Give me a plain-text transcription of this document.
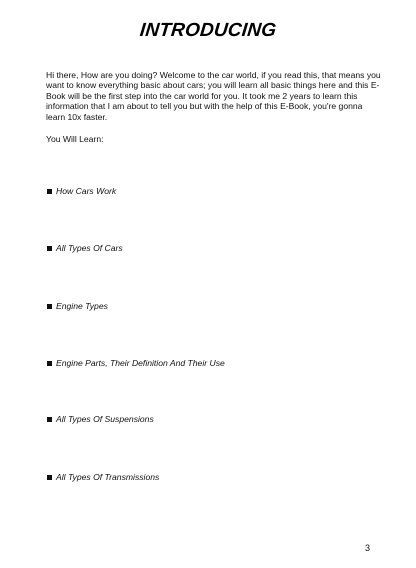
INTRODUCING

Hi there, How are you doing? Welcome to the car world, if you read this, that means you want to know everything basic about cars; you will learn all basic things here and this E-Book will be the first step into the car world for you. It took me 2 years to learn this information that I am about to tell you but with the help of this E-Book, you're gonna learn 10x faster.

You Will Learn:

How Cars Work
All Types Of Cars
Engine Types
Engine Parts, Their Definition And Their Use
All Types Of Suspensions
All Types Of Transmissions
3
